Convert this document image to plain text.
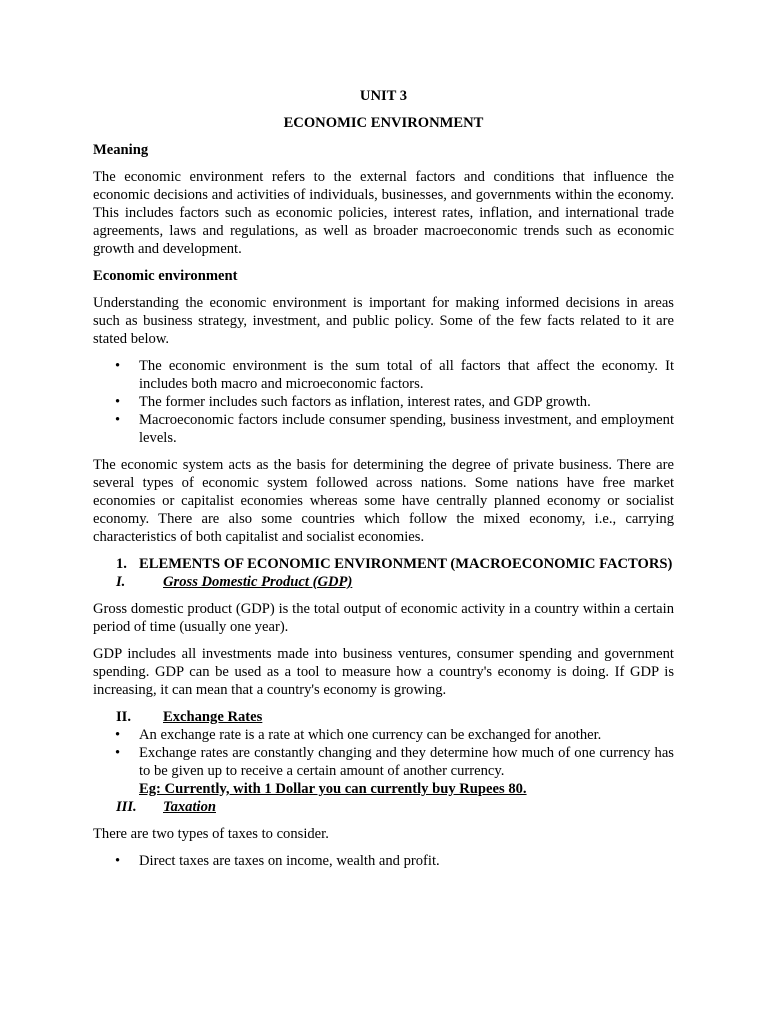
UNIT 3
ECONOMIC ENVIRONMENT
Meaning

The economic environment refers to the external factors and conditions that influence the economic decisions and activities of individuals, businesses, and governments within the economy. This includes factors such as economic policies, interest rates, inflation, and international trade agreements, laws and regulations, as well as broader macroeconomic trends such as economic growth and development.

Economic environment

Understanding the economic environment is important for making informed decisions in areas such as business strategy, investment, and public policy. Some of the few facts related to it are stated below.

• The economic environment is the sum total of all factors that affect the economy. It includes both macro and microeconomic factors.
• The former includes such factors as inflation, interest rates, and GDP growth.
• Macroeconomic factors include consumer spending, business investment, and employment levels.

The economic system acts as the basis for determining the degree of private business. There are several types of economic system followed across nations. Some nations have free market economies or capitalist economies whereas some have centrally planned economy or socialist economy. There are also some countries which follow the mixed economy, i.e., carrying characteristics of both capitalist and socialist economies.

1. ELEMENTS OF ECONOMIC ENVIRONMENT (MACROECONOMIC FACTORS)
I.	Gross Domestic Product (GDP)

Gross domestic product (GDP) is the total output of economic activity in a country within a certain period of time (usually one year).

GDP includes all investments made into business ventures, consumer spending and government spending. GDP can be used as a tool to measure how a country's economy is doing. If GDP is increasing, it can mean that a country's economy is growing.

II. Exchange Rates
• An exchange rate is a rate at which one currency can be exchanged for another.
• Exchange rates are constantly changing and they determine how much of one currency has to be given up to receive a certain amount of another currency.
Eg: Currently, with 1 Dollar you can currently buy Rupees 80.
III. Taxation

There are two types of taxes to consider.

• Direct taxes are taxes on income, wealth and profit.
